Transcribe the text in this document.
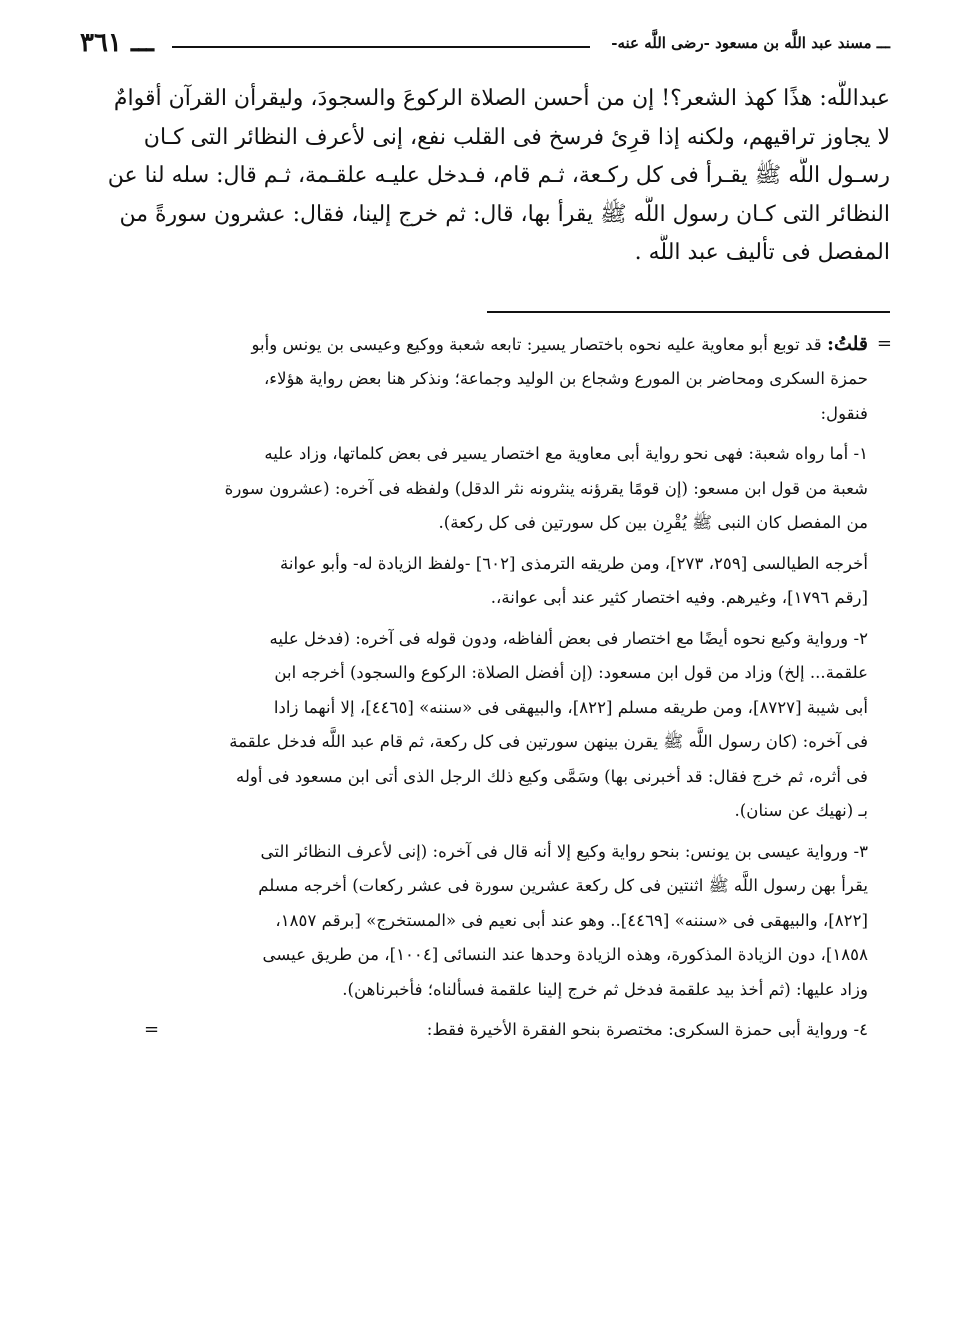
ـــ مسند عبد اللَّه بن مسعود -رضى اللَّه عنه-
ـــ ٣٦١
عبداللَّه: هذًا كهذ الشعر؟! إن من أحسن الصلاة الركوعَ والسجودَ، وليقرأن القرآن أقوامٌ
لا يجاوز تراقيهم، ولكنه إذا قرِئ فرسخ فى القلب نفع، إنى لأعرف النظائر التى كـان
رسـول اللَّه ﷺ يقـرأ فى كل ركـعة، ثـم قام، فـدخل عليـه علقـمة، ثـم قال: سله لنا عن
النظائر التى كـان رسول اللَّه ﷺ يقرأ بها، قال: ثم خرج إلينا، فقال: عشرون سورةً من
المفصل فى تأليف عبد اللَّه .
=
قلتُ: قد توبع أبو معاوية عليه نحوه باختصار يسير: تابعه شعبة ووكيع وعيسى بن يونس وأبو
حمزة السكرى ومحاضر بن المورع وشجاع بن الوليد وجماعة؛ ونذكر هنا بعض رواية هؤلاء،
فنقول:
١- أما رواه شعبة: فهى نحو رواية أبى معاوية مع اختصار يسير فى بعض كلماتها، وزاد عليه
شعبة من قول ابن مسعو: (إن قومًا يقرؤنه ينثرونه نثر الدقل) ولفظه فى آخره: (عشرون سورة
من المفصل كان النبى ﷺ يُقْرِن بين كل سورتين فى كل ركعة).
أخرجه الطيالسى [٢٥٩، ٢٧٣]، ومن طريقه الترمذى [٦٠٢] -ولفظ الزيادة له- وأبو عوانة
[رقم ١٧٩٦]، وغيرهم. وفيه اختصار كثير عند أبى عوانة،.
٢- ورواية وكيع نحوه أيضًا مع اختصار فى بعض ألفاظه، ودون قوله فى آخره: (فدخل عليه
علقمة... إلخ) وزاد من قول ابن مسعود: (إن أفضل الصلاة: الركوع والسجود) أخرجه ابن
أبى شيبة [٨٧٢٧]، ومن طريقه مسلم [٨٢٢]، والبيهقى فى «سننه» [٤٤٦٥]، إلا أنهما زادا
فى آخره: (كان رسول اللَّه ﷺ يقرن بينهن سورتين فى كل ركعة، ثم قام عبد اللَّه فدخل علقمة
فى أثره، ثم خرج فقال: قد أخبرنى بها) وسَمَّى وكيع ذلك الرجل الذى أتى ابن مسعود فى أوله
بـ (نهيك عن سنان).
٣- ورواية عيسى بن يونس: بنحو رواية وكيع إلا أنه قال فى آخره: (إنى لأعرف النظائر التى
يقرأ بهن رسول اللَّه ﷺ اثنتين فى كل ركعة عشرين سورة فى عشر ركعات) أخرجه مسلم
[٨٢٢]، والبيهقى فى «سننه» [٤٤٦٩].. وهو عند أبى نعيم فى «المستخرج» [برقم ١٨٥٧،
١٨٥٨]، دون الزيادة المذكورة، وهذه الزيادة وحدها عند النسائى [١٠٠٤]، من طريق عيسى
وزاد عليها: (ثم أخذ بيد علقمة فدخل ثم خرج إلينا علقمة فسألناه؛ فأخبرناهن).
٤- ورواية أبى حمزة السكرى: مختصرة بنحو الفقرة الأخيرة فقط:
=
